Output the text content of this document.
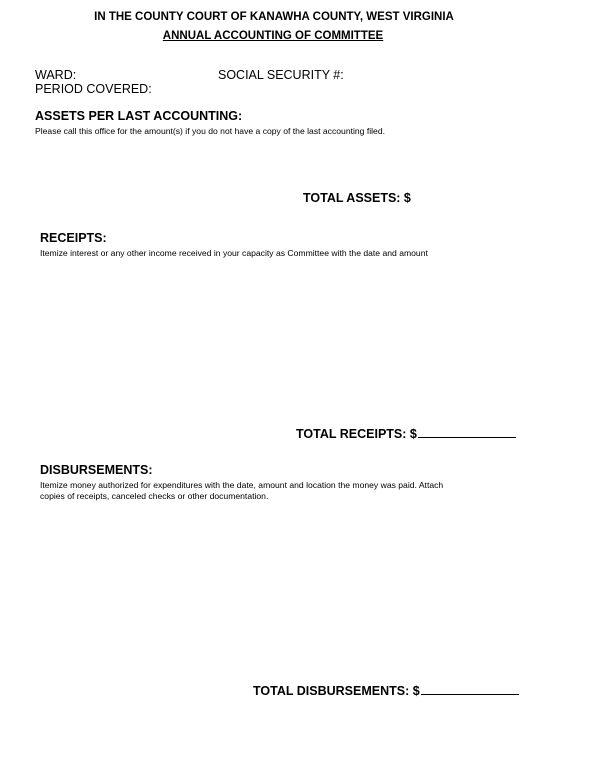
IN THE COUNTY COURT OF KANAWHA COUNTY, WEST VIRGINIA
ANNUAL ACCOUNTING OF COMMITTEE
WARD:	SOCIAL SECURITY #:
PERIOD COVERED:
ASSETS PER LAST ACCOUNTING:
Please call this office for the amount(s) if you do not have a copy of the last accounting filed.
TOTAL ASSETS: $
RECEIPTS:
Itemize interest or any other income received in your capacity as Committee with the date and amount
TOTAL RECEIPTS: $
DISBURSEMENTS:
Itemize money authorized for expenditures with the date, amount and location the money was paid. Attach
copies of receipts, canceled checks or other documentation.
TOTAL DISBURSEMENTS: $
